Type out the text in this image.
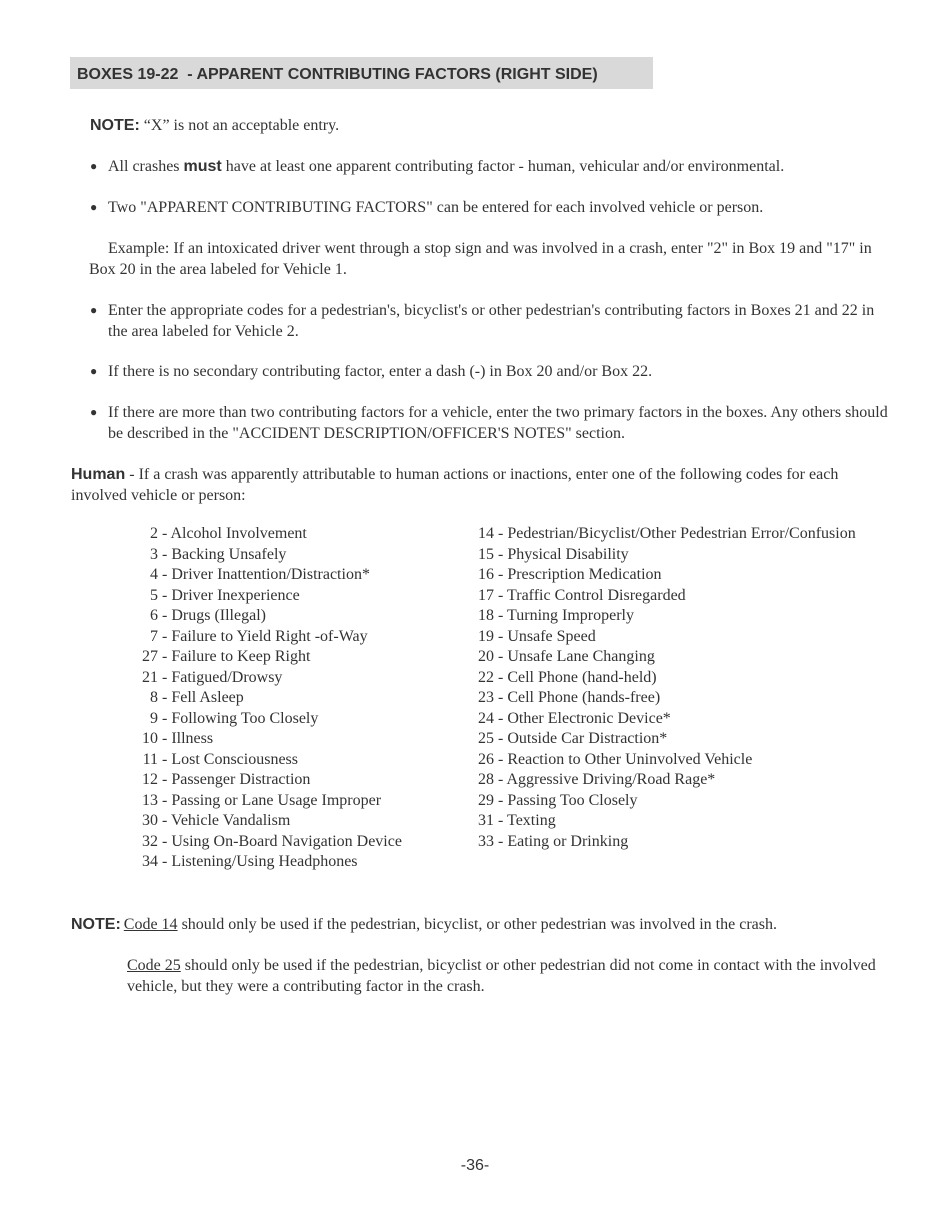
BOXES 19-22  - APPARENT CONTRIBUTING FACTORS (RIGHT SIDE)
NOTE: “X” is not an acceptable entry.
● All crashes must have at least one apparent contributing factor - human, vehicular and/or environmental.
● Two "APPARENT CONTRIBUTING FACTORS" can be entered for each involved vehicle or person.
Example: If an intoxicated driver went through a stop sign and was involved in a crash, enter "2" in Box 19 and "17" in Box 20 in the area labeled for Vehicle 1.
● Enter the appropriate codes for a pedestrian's, bicyclist's or other pedestrian's contributing factors in Boxes 21 and 22 in the area labeled for Vehicle 2.
● If there is no secondary contributing factor, enter a dash (-) in Box 20 and/or Box 22.
● If there are more than two contributing factors for a vehicle, enter the two primary factors in the boxes. Any others should be described in the "ACCIDENT DESCRIPTION/OFFICER'S NOTES" section.
Human - If a crash was apparently attributable to human actions or inactions, enter one of the following codes for each involved vehicle or person:
2 - Alcohol Involvement
3 - Backing Unsafely
4 - Driver Inattention/Distraction*
5 - Driver Inexperience
6 - Drugs (Illegal)
7 - Failure to Yield Right -of-Way
27 - Failure to Keep Right
21 - Fatigued/Drowsy
8 - Fell Asleep
9 - Following Too Closely
10 - Illness
11 - Lost Consciousness
12 - Passenger Distraction
13 - Passing or Lane Usage Improper
30 - Vehicle Vandalism
32 - Using On-Board Navigation Device
34 - Listening/Using Headphones
14 - Pedestrian/Bicyclist/Other Pedestrian Error/Confusion
15 - Physical Disability
16 - Prescription Medication
17 - Traffic Control Disregarded
18 - Turning Improperly
19 - Unsafe Speed
20 - Unsafe Lane Changing
22 - Cell Phone (hand-held)
23 - Cell Phone (hands-free)
24 - Other Electronic Device*
25 - Outside Car Distraction*
26 - Reaction to Other Uninvolved Vehicle
28 - Aggressive Driving/Road Rage*
29 - Passing Too Closely
31 - Texting
33 - Eating or Drinking
NOTE: Code 14 should only be used if the pedestrian, bicyclist, or other pedestrian was involved in the crash.
Code 25 should only be used if the pedestrian, bicyclist or other pedestrian did not come in contact with the involved vehicle, but they were a contributing factor in the crash.
-36-
